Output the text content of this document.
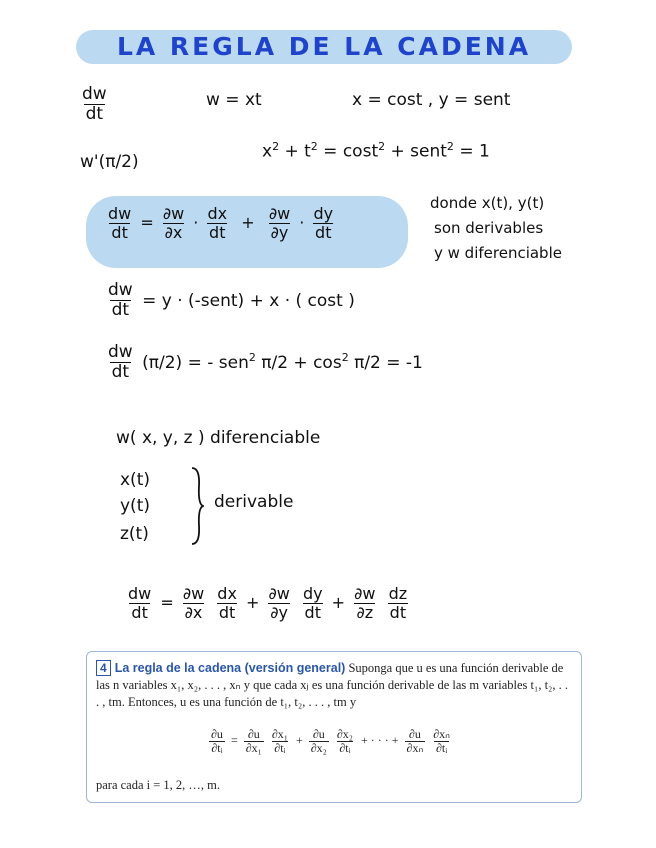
LA REGLA DE LA CADENA
$\frac{dw}{dt}$	w = xt	x = cost , y = sent
w'(π/2)
$x^2 + t^2 = \cos t^2$ + sent$^2$ = 1
$\frac{dw}{dt} = \frac{\partial w}{\partial x} \cdot \frac{dx}{dt} + \frac{\partial w}{\partial y} \cdot \frac{dy}{dt}$
donde x(t), y(t)
son derivables
y w diferenciable
$\frac{dw}{dt} = y$ · (-sent) + x · ( cost )
$\frac{dw}{dt} (\pi/2)$ = - sen$^2$ $\pi/2 + \cos^2 \pi/2 = -1$
w( x, y, z ) diferenciable
x(t)
y(t)
z(t)
derivable
$\frac{dw}{dt} = \frac{\partial w}{\partial x}$
$\frac{dx}{dt} + \frac{\partial w}{\partial y}$
$\frac{dy}{dt} + \frac{\partial w}{\partial z}$
$\frac{dz}{dt}$
4 La regla de la cadena (versión general) Suponga que u es una función derivable de las n variables x₁, x₂, . . . , xₙ y que cada xⱼ es una función derivable de las m variables t₁, t₂, . . . , tm. Entonces, u es una función de t₁, t₂, . . . , tm y
$\frac{\partial u}{\text{∂tᵢ}} = \frac{\partial u}{\text{∂x₁}} \frac{\text{∂x₁}}{\text{∂tᵢ}} + \frac{\partial u}{\text{∂x₂}} \frac{\text{∂x₂}}{\text{∂tᵢ}}$ + · · · + $\frac{\partial u}{\text{∂xₙ}} \frac{\text{∂xₙ}}{\text{∂tᵢ}}$
para cada i = 1, 2, …, m.
